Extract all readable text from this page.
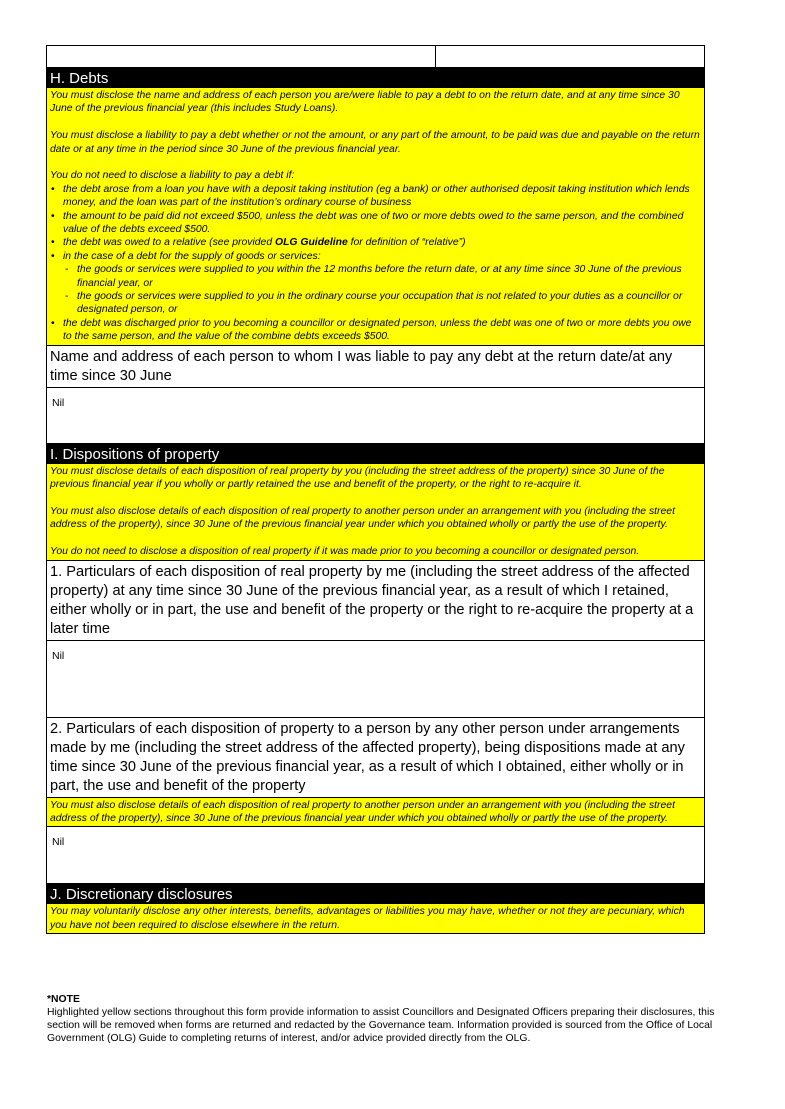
H. Debts

You must disclose the name and address of each person you are/were liable to pay a debt to on the return date, and at any time since 30 June of the previous financial year (this includes Study Loans).

You must disclose a liability to pay a debt whether or not the amount, or any part of the amount, to be paid was due and payable on the return date or at any time in the period since 30 June of the previous financial year.

You do not need to disclose a liability to pay a debt if:

• the debt arose from a loan you have with a deposit taking institution (eg a bank) or other authorised deposit taking institution which lends money, and the loan was part of the institution’s ordinary course of business
• the amount to be paid did not exceed $500, unless the debt was one of two or more debts owed to the same person, and the combined value of the debts exceed $500.
• the debt was owed to a relative (see provided OLG Guideline for definition of “relative”)
• in the case of a debt for the supply of goods or services:
- the goods or services were supplied to you within the 12 months before the return date, or at any time since 30 June of the previous financial year, or
- the goods or services were supplied to you in the ordinary course your occupation that is not related to your duties as a councillor or designated person, or
• the debt was discharged prior to you becoming a councillor or designated person, unless the debt was one of two or more debts you owe to the same person, and the value of the combine debts exceeds $500.
Name and address of each person to whom I was liable to pay any debt at the return date/at any time since 30 June
Nil
I. Dispositions of property

You must disclose details of each disposition of real property by you (including the street address of the property) since 30 June of the previous financial year if you wholly or partly retained the use and benefit of the property, or the right to re-acquire it.

You must also disclose details of each disposition of real property to another person under an arrangement with you (including the street address of the property), since 30 June of the previous financial year under which you obtained wholly or partly the use of the property.

You do not need to disclose a disposition of real property if it was made prior to you becoming a councillor or designated person.

1. Particulars of each disposition of real property by me (including the street address of the affected property) at any time since 30 June of the previous financial year, as a result of which I retained, either wholly or in part, the use and benefit of the property or the right to re-acquire the property at a later time
Nil
2. Particulars of each disposition of property to a person by any other person under arrangements made by me (including the street address of the affected property), being dispositions made at any time since 30 June of the previous financial year, as a result of which I obtained, either wholly or in part, the use and benefit of the property

You must also disclose details of each disposition of real property to another person under an arrangement with you (including the street address of the property), since 30 June of the previous financial year under which you obtained wholly or partly the use of the property.

Nil
J. Discretionary disclosures

You may voluntarily disclose any other interests, benefits, advantages or liabilities you may have, whether or not they are pecuniary, which you have not been required to disclose elsewhere in the return.

*NOTE
Highlighted yellow sections throughout this form provide information to assist Councillors and Designated Officers preparing their disclosures, this section will be removed when forms are returned and redacted by the Governance team. Information provided is sourced from the Office of Local Government (OLG) Guide to completing returns of interest, and/or advice provided directly from the OLG.
